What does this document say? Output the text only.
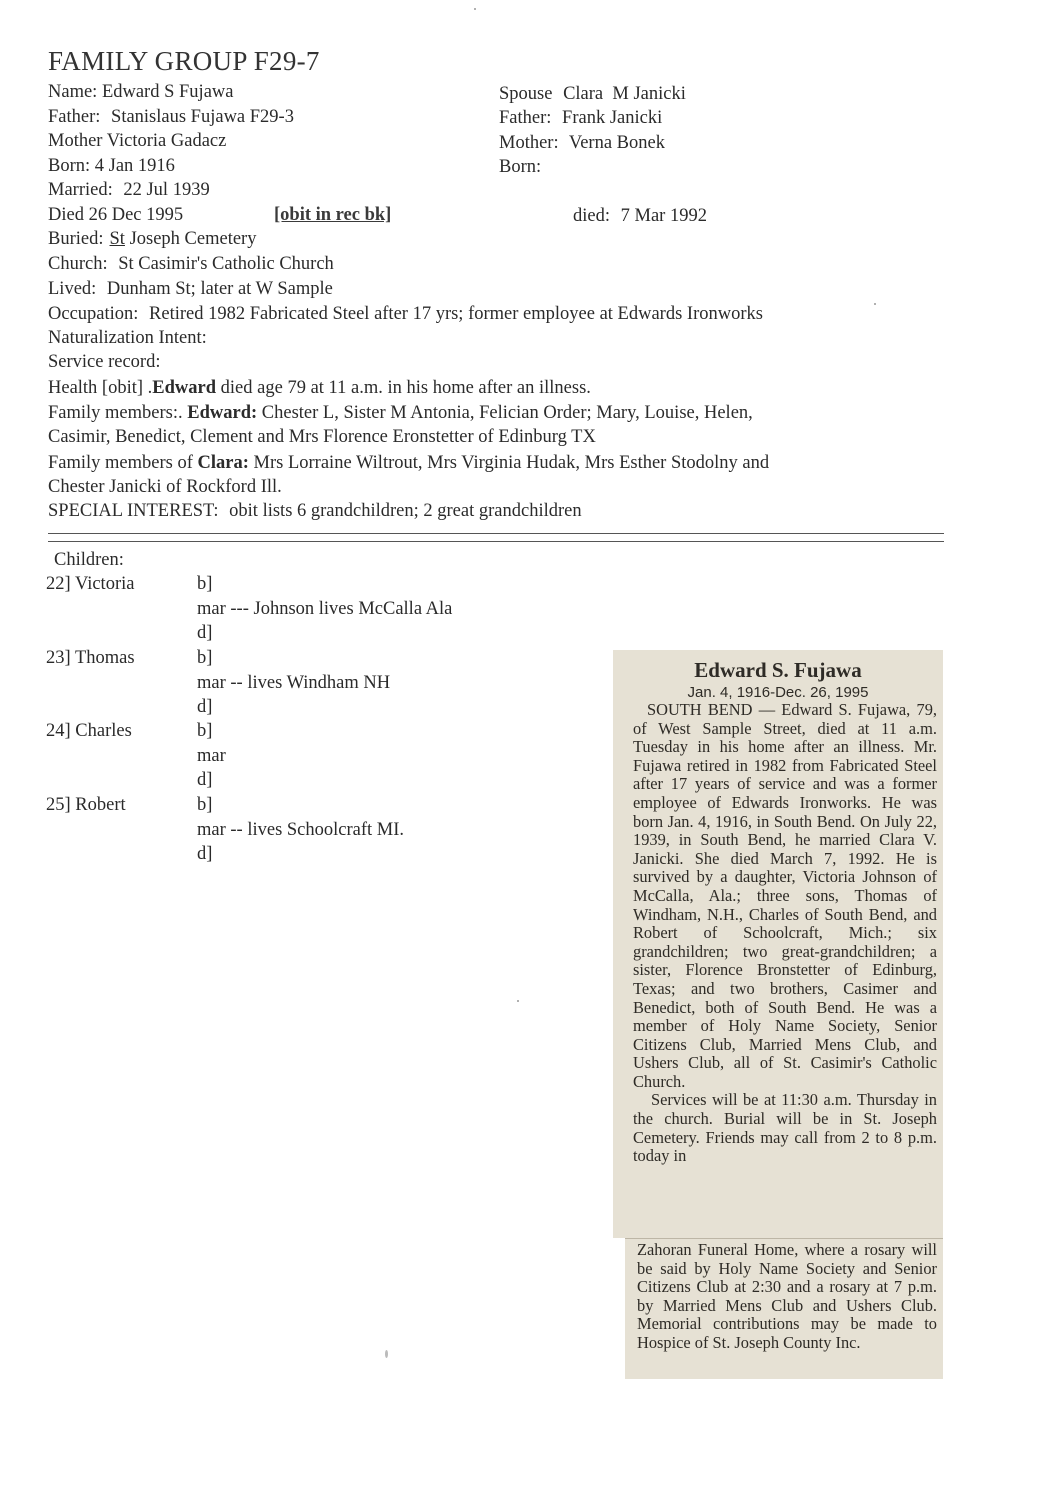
FAMILY GROUP F29-7
Name: Edward S Fujawa
Father: Stanislaus Fujawa F29-3
Mother Victoria Gadacz
Born: 4 Jan 1916
Married: 22 Jul 1939
Died 26 Dec 1995	[obit in rec bk]
Buried: St Joseph Cemetery
Church: St Casimir's Catholic Church
Lived: Dunham St; later at W Sample
Occupation: Retired 1982 Fabricated Steel after 17 yrs; former employee at Edwards Ironworks
Naturalization Intent:
Service record:
Health [obit] .Edward died age 79 at 11 a.m. in his home after an illness.
Family members:. Edward: Chester L, Sister M Antonia, Felician Order; Mary, Louise, Helen,
Casimir, Benedict, Clement and Mrs Florence Eronstetter of Edinburg TX
Family members of Clara: Mrs Lorraine Wiltrout, Mrs Virginia Hudak, Mrs Esther Stodolny and
Chester Janicki of Rockford Ill.
SPECIAL INTEREST: obit lists 6 grandchildren; 2 great grandchildren
Spouse Clara  M Janicki
Father: Frank Janicki
Mother: Verna Bonek
Born:
died: 7 Mar 1992
Children:
22] Victoria	b]
mar --- Johnson lives McCalla Ala
d]
23] Thomas	b]
mar -- lives Windham NH
d]
24] Charles	b]
mar
d]
25] Robert	b]
mar -- lives Schoolcraft MI.
d]
Edward S. Fujawa
Jan. 4, 1916-Dec. 26, 1995
SOUTH BEND — Edward S. Fujawa, 79, of West Sample Street, died at 11 a.m. Tuesday in his home after an illness. Mr. Fujawa retired in 1982 from Fabricated Steel after 17 years of service and was a former employee of Edwards Ironworks. He was born Jan. 4, 1916, in South Bend. On July 22, 1939, in South Bend, he married Clara V. Janicki. She died March 7, 1992. He is survived by a daughter, Victoria Johnson of McCalla, Ala.; three sons, Thomas of Windham, N.H., Charles of South Bend, and Robert of Schoolcraft, Mich.; six grandchildren; two great-grandchildren; a sister, Florence Bronstetter of Edinburg, Texas; and two brothers, Casimer and Benedict, both of South Bend. He was a member of Holy Name Society, Senior Citizens Club, Married Mens Club, and Ushers Club, all of St. Casimir's Catholic Church.
Services will be at 11:30 a.m. Thursday in the church. Burial will be in St. Joseph Cemetery. Friends may call from 2 to 8 p.m. today in
Zahoran Funeral Home, where a rosary will be said by Holy Name Society and Senior Citizens Club at 2:30 and a rosary at 7 p.m. by Married Mens Club and Ushers Club. Memorial contributions may be made to Hospice of St. Joseph County Inc.
